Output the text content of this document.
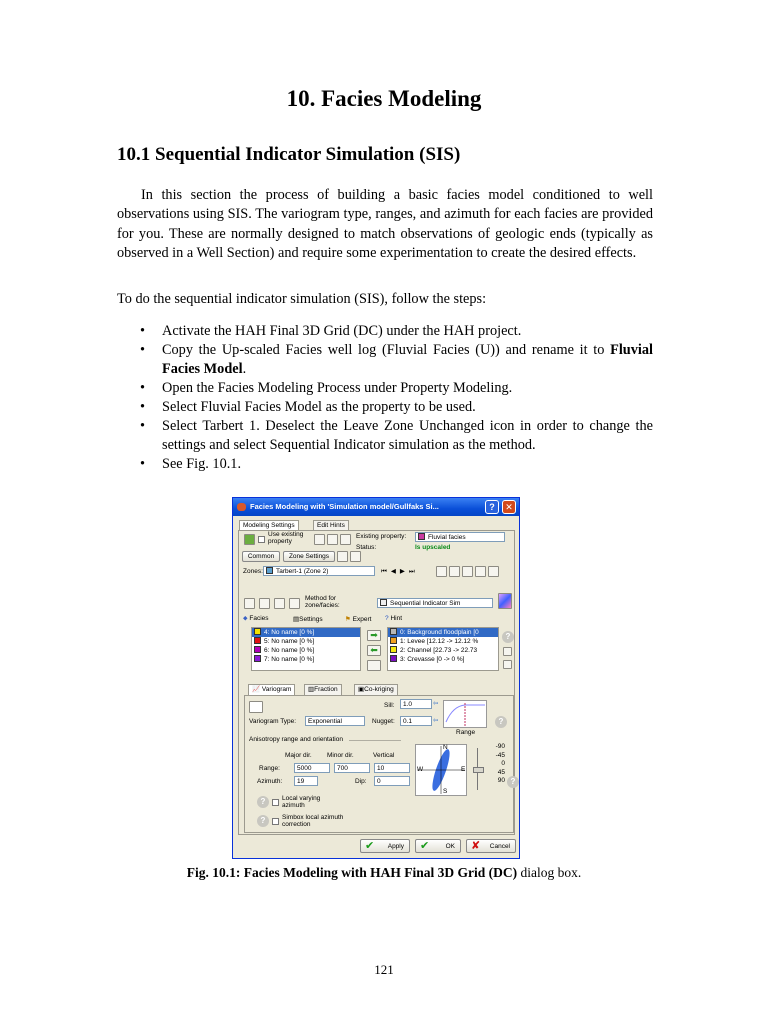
10. Facies Modeling
10.1 Sequential Indicator Simulation (SIS)
In this section the process of building a basic facies model conditioned to well observations using SIS. The variogram type, ranges, and azimuth for each facies are provided for you. These are normally designed to match observations of geologic ends (typically as observed in a Well Section) and require some experimentation to create the desired effects.
To do the sequential indicator simulation (SIS), follow the steps:
• Activate the HAH Final 3D Grid (DC) under the HAH project.
• Copy the Up-scaled Facies well log (Fluvial Facies (U)) and rename it to Fluvial Facies Model.
• Open the Facies Modeling Process under Property Modeling.
• Select Fluvial Facies Model as the property to be used.
• Select Tarbert 1. Deselect the Leave Zone Unchanged icon in order to change the settings and select Sequential Indicator simulation as the method.
• See Fig. 10.1.
Facies Modeling with 'Simulation model/Gullfaks Si...	?	✕
Modeling Settings	Edit Hints
Use existing property
Existing property:	Fluvial facies
Status:	Is upscaled
Common	Zone Settings
Zones:	Tarbert-1 (Zone 2)	⏮◀▶⏭
Method for zone/facies:	Sequential Indicator Sim
⬥ Facies	▤Settings	⚑ Expert ? Hint
4: No name [0 %]
5: No name [0 %]
6: No name [0 %]
7: No name [0 %]
➡
⬅
0: Background floodplain [0
1: Levee [12.12 -> 12.12 %
2: Channel [22.73 -> 22.73
3: Crevasse [0 -> 0 %]
?
📈 Variogram	▥Fraction	▣Co-kriging
Sill:	1.0	⇦
Variogram Type:	Exponential	Nugget:	0.1	⇦
Range
?
Anisotropy range and orientation
Major dir. Minor dir.	Vertical
Range:	5000	700	10
Azimuth:	19	Dip:	0
N
S
E
W
-90
-45
0
45
90 ?
?	Local varying azimuth
?	Simbox local azimuth correction
✔ Apply ✔	OK ✘ Cancel
Fig. 10.1: Facies Modeling with HAH Final 3D Grid (DC) dialog box.
121
